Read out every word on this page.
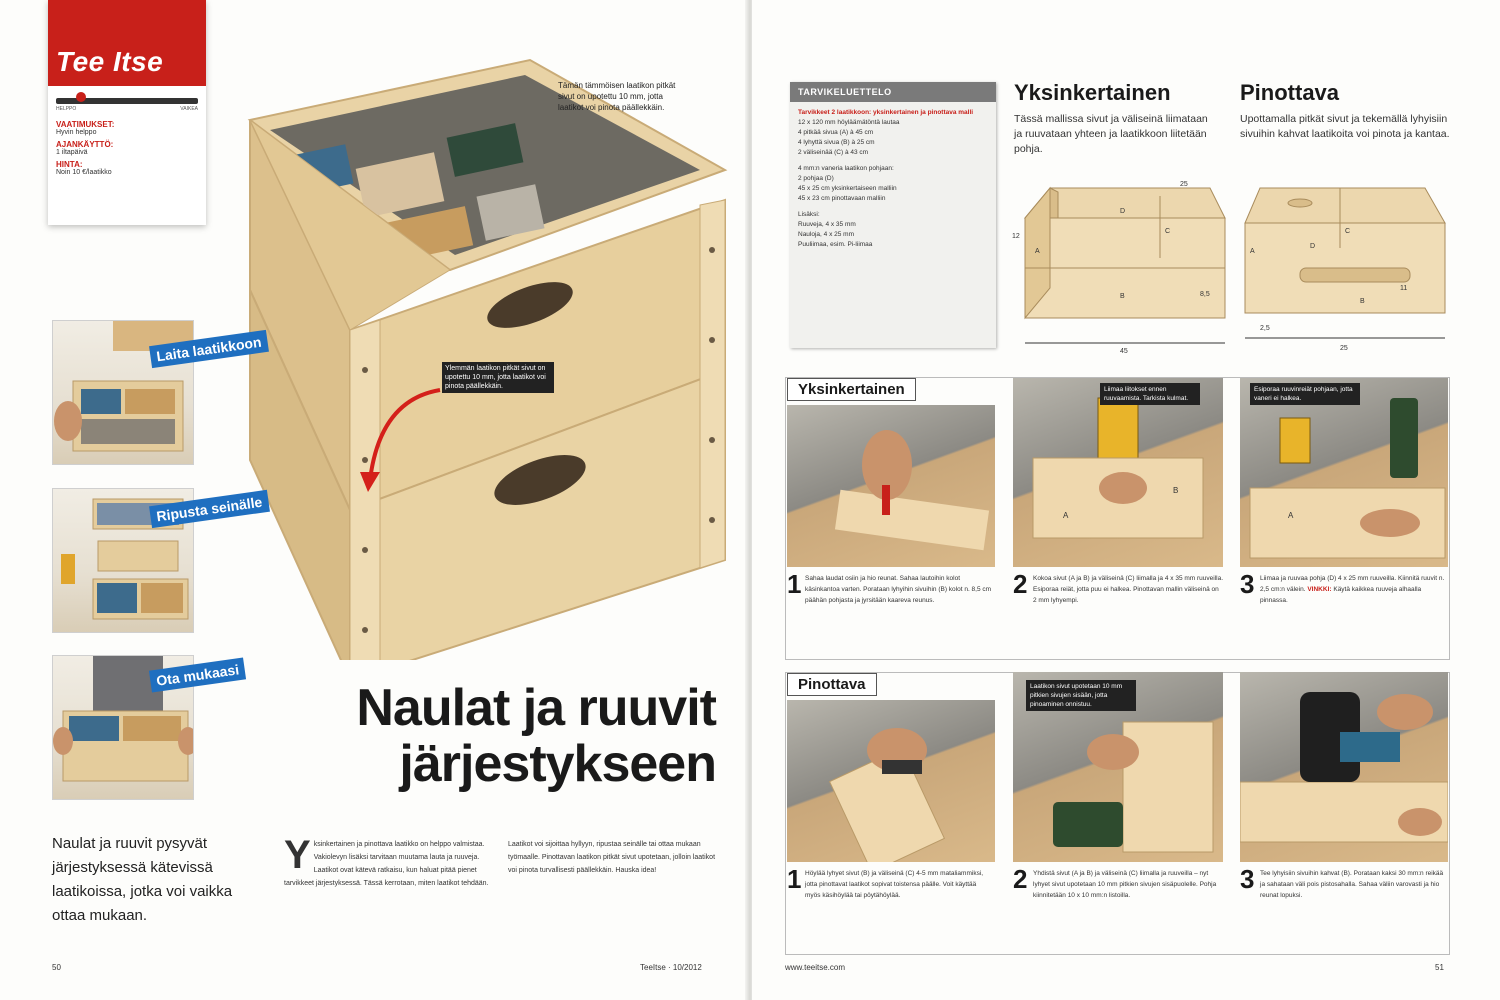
Tee Itse
HELPPO	VAIKEA
VAATIMUKSET:
Hyvin helppo
AJANKÄYTTÖ:
1 iltapäivä
HINTA:
Noin 10 €/laatikko
Tämän tämmöisen laatikon pitkät sivut on upotettu 10 mm, jotta laatikot voi pinota päällekkäin.
Ylemmän laatikon pitkät sivut on upotettu 10 mm, jotta laatikot voi pinota päällekkäin.
Laita laatikkoon
Ripusta seinälle
Ota mukaasi
Naulat ja ruuvit
järjestykseen
Naulat ja ruuvit pysyvät järjestyksessä kätevissä laatikoissa, jotka voi vaikka ottaa mukaan.
Y ksinkertainen ja pinottava laatikko on helppo valmistaa. Vakiolevyn lisäksi tarvitaan muutama lauta ja ruuveja. Laatikot ovat kätevä ratkaisu, kun haluat pitää pienet tarvikkeet järjestyksessä. Tässä kerrotaan, miten laatikot tehdään.
Laatikot voi sijoittaa hyllyyn, ripustaa seinälle tai ottaa mukaan työmaalle. Pinottavan laatikon pitkät sivut upotetaan, jolloin laatikot voi pinota turvallisesti päällekkäin. Hauska idea!
50	TeeItse · 10/2012
TARVIKELUETTELO
Tarvikkeet 2 laatikkoon: yksinkertainen ja pinottava malli
12 x 120 mm höyläämätöntä lautaa
4 pitkää sivua (A) à 45 cm
4 lyhyttä sivua (B) à 25 cm
2 väliseinää (C) à 43 cm
4 mm:n vaneria laatikon pohjaan:
2 pohjaa (D)
45 x 25 cm yksinkertaiseen malliin
45 x 23 cm pinottavaan malliin
Lisäksi:
Ruuveja, 4 x 35 mm
Nauloja, 4 x 25 mm
Puuliimaa, esim. Pi-liimaa
Yksinkertainen
Tässä mallissa sivut ja väliseinä liimataan ja ruuvataan yhteen ja laatikkoon liitetään pohja.
Pinottava
Upottamalla pitkät sivut ja tekemällä lyhyisiin sivuihin kahvat laatikoita voi pinota ja kantaa.
A
B
C
D
45
12
25
8,5
A
B
C
D
25
2,5
11
Yksinkertainen
A
B
Liimaa liitokset ennen ruuvaamista. Tarkista kulmat.
A
Esiporaa ruuvinreiät pohjaan, jotta vaneri ei halkea.
1 Sahaa laudat osiin ja hio reunat. Sahaa lautoihin kolot käsinkantoa varten. Porataan lyhyihin sivuihin (B) kolot n. 8,5 cm päähän pohjasta ja jyrsitään kaareva reunus.
2 Kokoa sivut (A ja B) ja väliseinä (C) liimalla ja 4 x 35 mm ruuveilla. Esiporaa reiät, jotta puu ei halkea. Pinottavan mallin väliseinä on 2 mm lyhyempi.
3 Liimaa ja ruuvaa pohja (D) 4 x 25 mm ruuveilla. Kiinnitä ruuvit n. 2,5 cm:n välein. VINKKI: Käytä kaikkea ruuveja alhaalla pinnassa.
Pinottava	Laatikon sivut upotetaan 10 mm pitkien sivujen sisään, jotta pinoaminen onnistuu.
1 Höylää lyhyet sivut (B) ja väliseinä (C) 4-5 mm mataliammiksi, jotta pinottavat laatikot sopivat toistensa päälle. Voit käyttää myös käsihöylää tai pöytähöylää.
2 Yhdistä sivut (A ja B) ja väliseinä (C) liimalla ja ruuveilla – nyt lyhyet sivut upotetaan 10 mm pitkien sivujen sisäpuolelle. Pohja kiinnitetään 10 x 10 mm:n listoilla.
3 Tee lyhyisiin sivuihin kahvat (B). Porataan kaksi 30 mm:n reikää ja sahataan väli pois pistosahalla. Sahaa väliin varovasti ja hio reunat lopuksi.
www.teeitse.com	51
